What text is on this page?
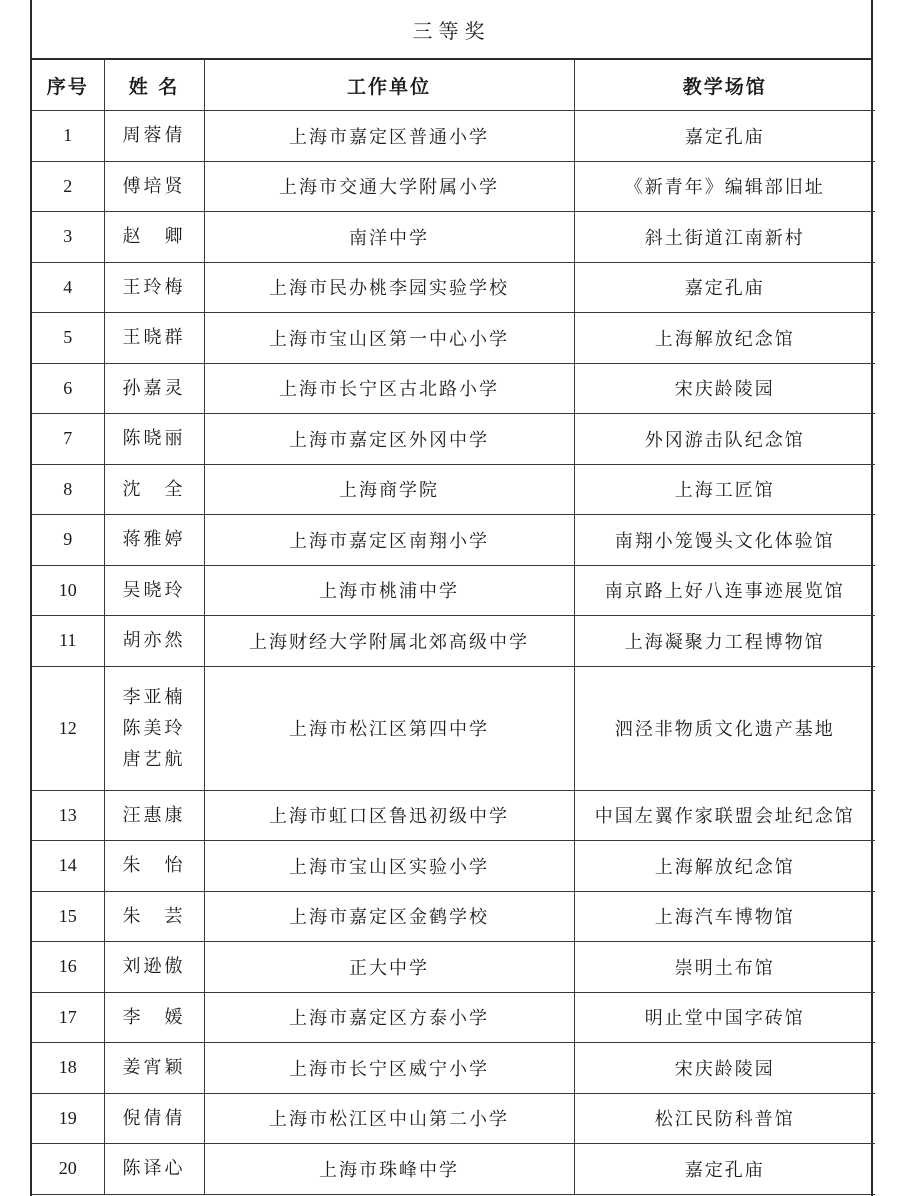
三等奖
序号	姓 名	工作单位	教学场馆
1	周蓉倩	上海市嘉定区普通小学	嘉定孔庙
2	傅培贤	上海市交通大学附属小学	《新青年》编辑部旧址
3	赵　卿	南洋中学	斜土街道江南新村
4	王玲梅	上海市民办桃李园实验学校	嘉定孔庙
5	王晓群	上海市宝山区第一中心小学	上海解放纪念馆
6	孙嘉灵	上海市长宁区古北路小学	宋庆龄陵园
7	陈晓丽	上海市嘉定区外冈中学	外冈游击队纪念馆
8	沈　全	上海商学院	上海工匠馆
9	蒋雅婷	上海市嘉定区南翔小学	南翔小笼馒头文化体验馆
10	吴晓玲	上海市桃浦中学	南京路上好八连事迹展览馆
11	胡亦然	上海财经大学附属北郊高级中学	上海凝聚力工程博物馆
12	李亚楠
陈美玲
唐艺航	上海市松江区第四中学	泗泾非物质文化遗产基地
13	汪惠康	上海市虹口区鲁迅初级中学	中国左翼作家联盟会址纪念馆
14	朱　怡	上海市宝山区实验小学	上海解放纪念馆
15	朱　芸	上海市嘉定区金鹤学校	上海汽车博物馆
16	刘逊傲	正大中学	崇明土布馆
17	李　媛	上海市嘉定区方泰小学	明止堂中国字砖馆
18	姜宵颖	上海市长宁区威宁小学	宋庆龄陵园
19	倪倩倩	上海市松江区中山第二小学	松江民防科普馆
20	陈译心	上海市珠峰中学	嘉定孔庙
